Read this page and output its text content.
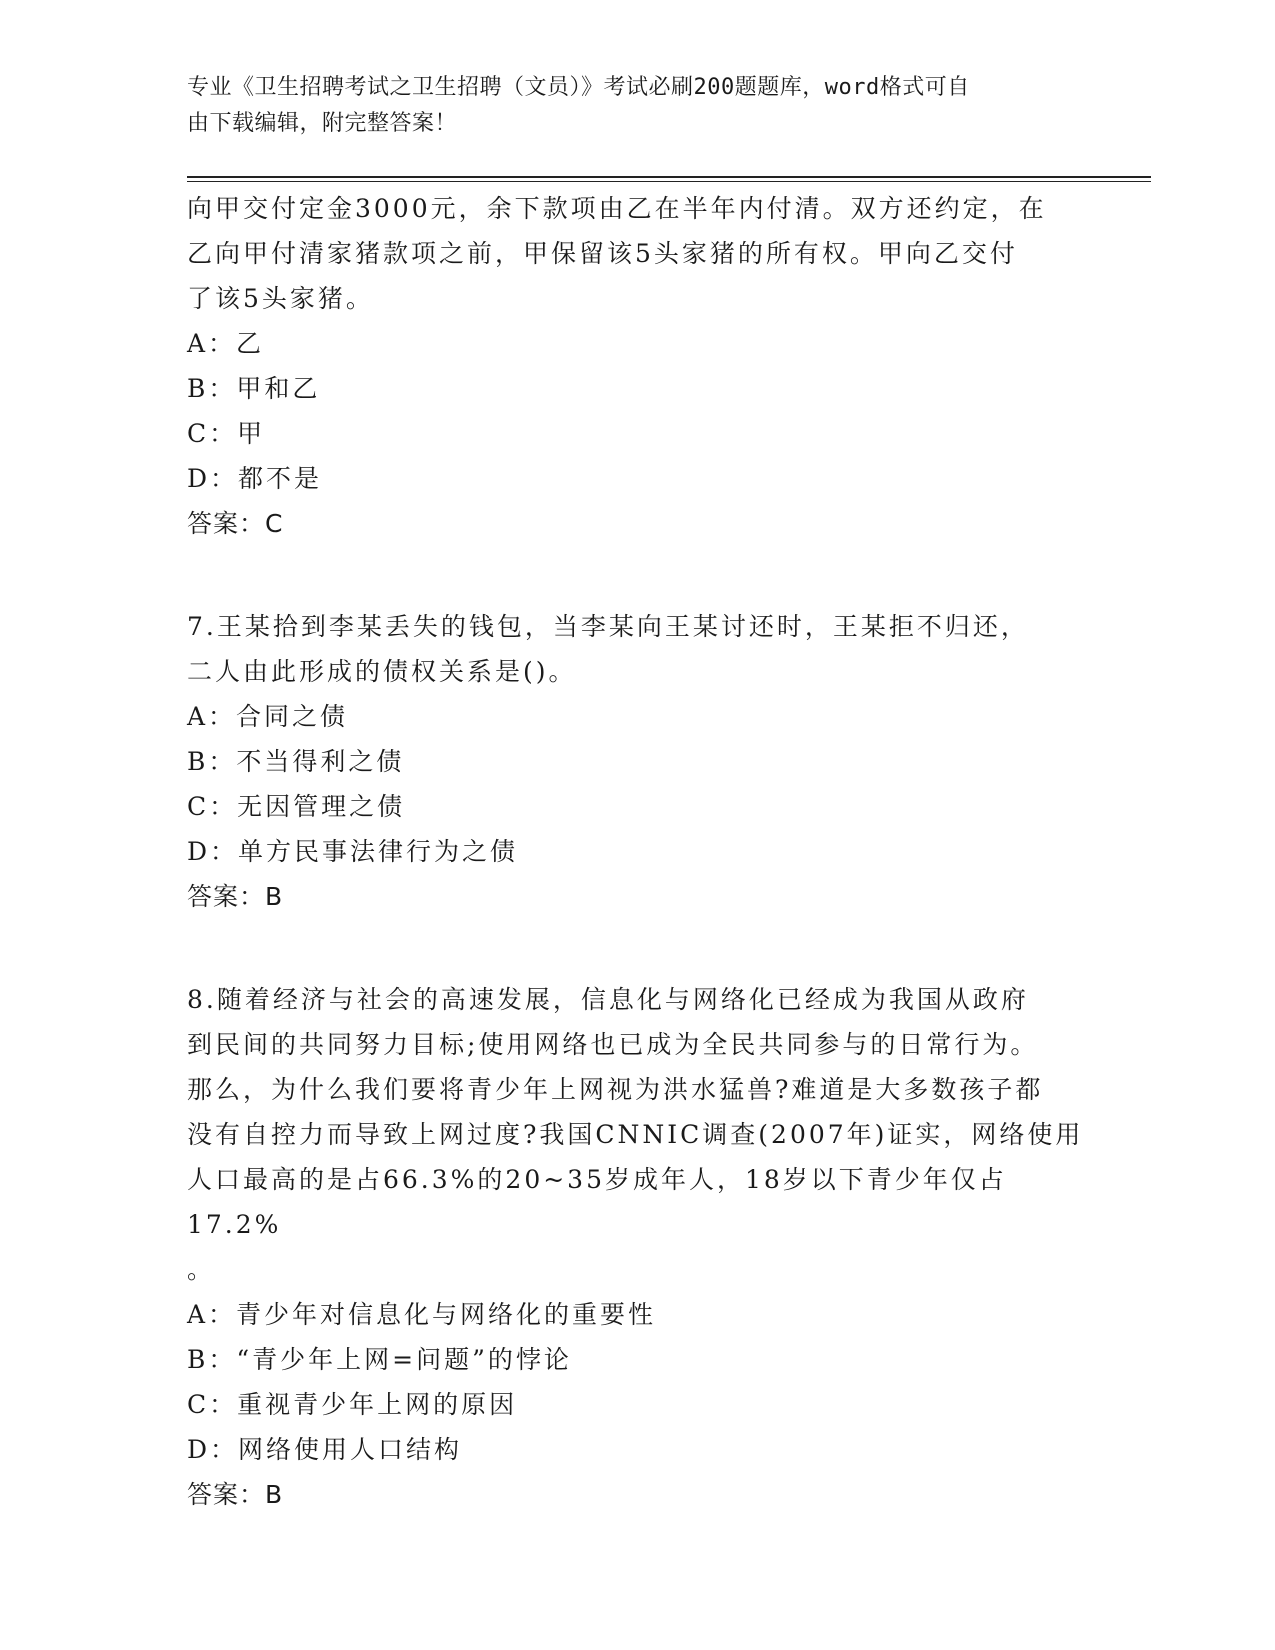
专业《卫生招聘考试之卫生招聘（文员）》考试必刷200题题库，word格式可自
由下载编辑，附完整答案！

向甲交付定金3000元，余下款项由乙在半年内付清。双方还约定，在

乙向甲付清家猪款项之前，甲保留该5头家猪的所有权。甲向乙交付

了该5头家猪。

A：乙

B：甲和乙

C：甲

D：都不是

答案：C

7.王某拾到李某丢失的钱包，当李某向王某讨还时，王某拒不归还，

二人由此形成的债权关系是()。

A：合同之债

B：不当得利之债

C：无因管理之债

D：单方民事法律行为之债

答案：B

8.随着经济与社会的高速发展，信息化与网络化已经成为我国从政府

到民间的共同努力目标;使用网络也已成为全民共同参与的日常行为。

那么，为什么我们要将青少年上网视为洪水猛兽?难道是大多数孩子都

没有自控力而导致上网过度?我国CNNIC调查(2007年)证实，网络使用

人口最高的是占66.3%的20~35岁成年人，18岁以下青少年仅占17.2%

。

A：青少年对信息化与网络化的重要性

B：“青少年上网=问题”的悖论

C：重视青少年上网的原因

D：网络使用人口结构

答案：B
